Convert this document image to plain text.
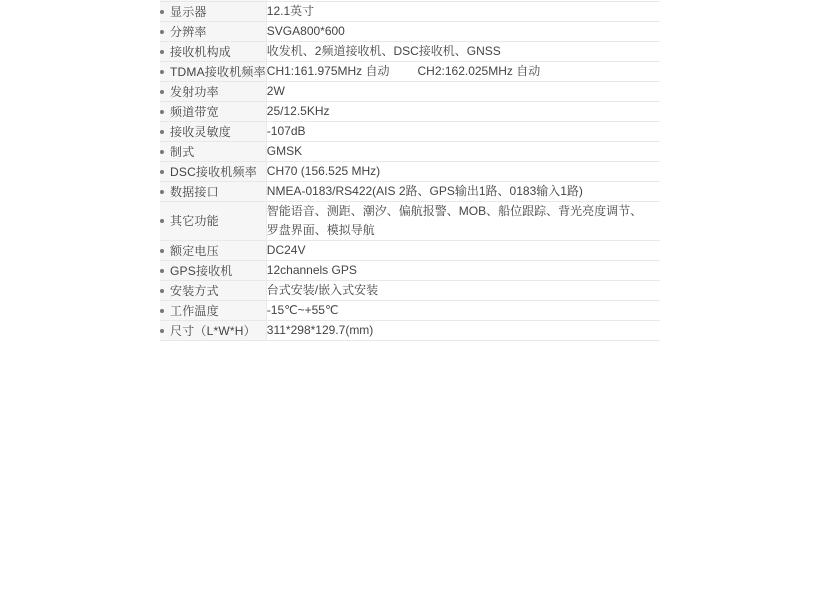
显示器	12.1英寸

分辨率	SVGA800*600

接收机构成	收发机、2频道接收机、DSC接收机、GNSS

TDMA接收机频率	CH1:161.975MHz 自动 CH2:162.025MHz 自动

发射功率	2W

频道带宽	25/12.5KHz

接收灵敏度	-107dB

制式	GMSK

DSC接收机频率	CH70 (156.525 MHz)

数据接口	NMEA-0183/RS422(AIS 2路、GPS输出1路、0183输入1路)

其它功能	智能语音、测距、潮汐、偏航报警、MOB、船位跟踪、背光亮度调节、
罗盘界面、模拟导航

额定电压	DC24V

GPS接收机	12channels GPS

安装方式	台式安装/嵌入式安装

工作温度	-15℃~+55℃

尺寸（L*W*H）	311*298*129.7(mm)
